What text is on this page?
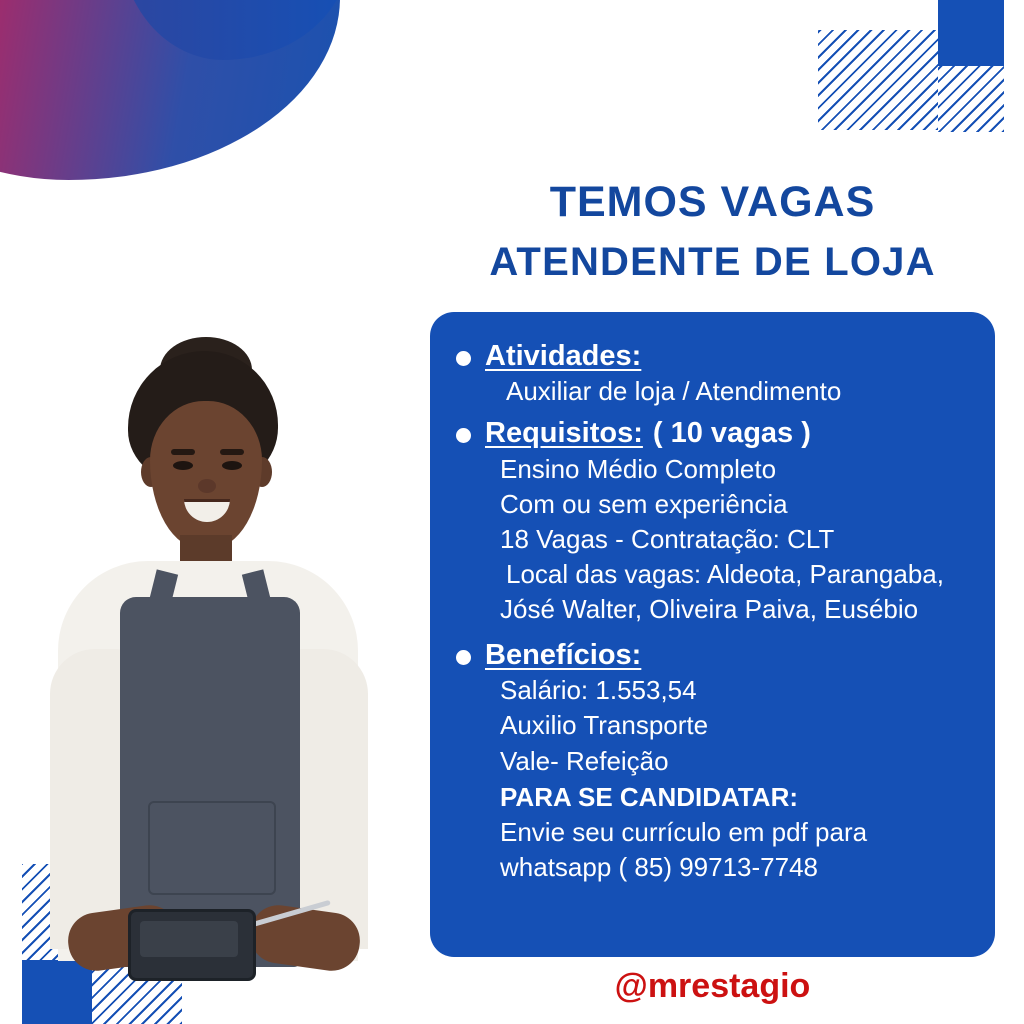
TEMOS VAGAS
ATENDENTE DE LOJA
Atividades:
Auxiliar de loja / Atendimento
Requisitos: ( 10 vagas )
Ensino Médio Completo
Com ou sem experiência
18 Vagas - Contratação: CLT
Local das vagas: Aldeota, Parangaba,
Jósé Walter, Oliveira Paiva, Eusébio
Benefícios:
Salário: 1.553,54
Auxilio Transporte
Vale- Refeição
PARA SE CANDIDATAR:
Envie seu currículo em pdf para
whatsapp ( 85) 99713-7748
@mrestagio
